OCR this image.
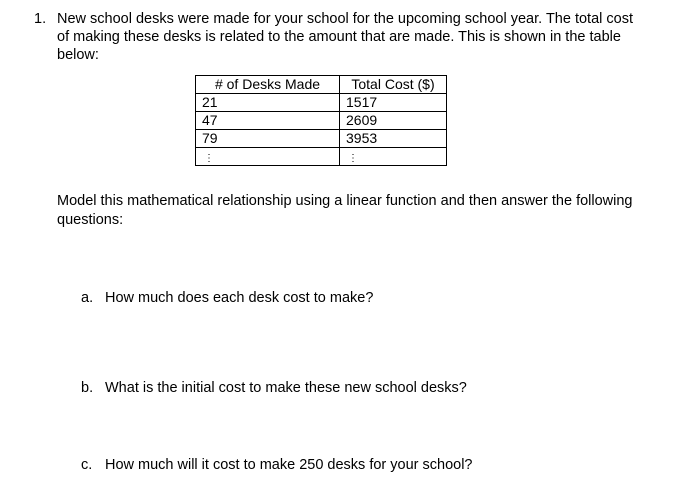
1. New school desks were made for your school for the upcoming school year. The total cost of making these desks is related to the amount that are made. This is shown in the table below:
# of Desks Made	Total Cost ($)
21	1517
47	2609
79	3953
⋮	⋮
Model this mathematical relationship using a linear function and then answer the following questions:
a. How much does each desk cost to make?
b. What is the initial cost to make these new school desks?
c. How much will it cost to make 250 desks for your school?
